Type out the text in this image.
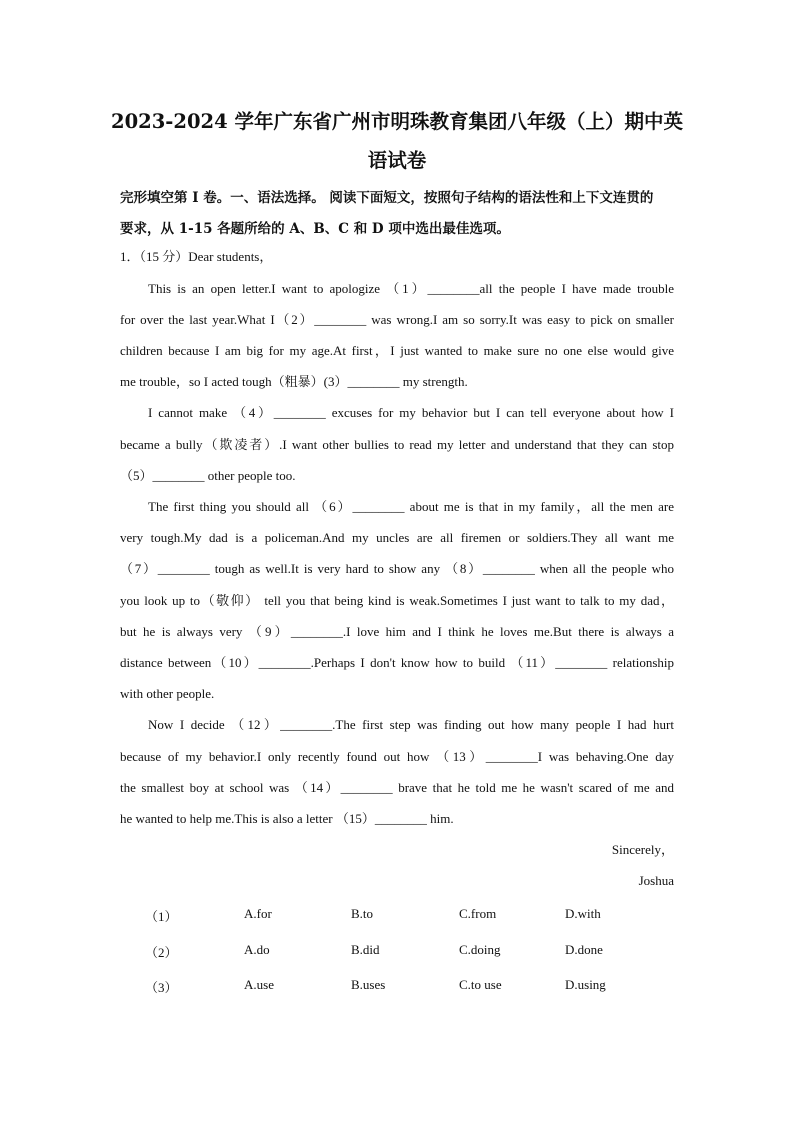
2023-2024 学年广东省广州市明珠教育集团八年级（上）期中英
语试卷
完形填空第 I 卷。一、语法选择。 阅读下面短文，按照句子结构的语法性和上下文连贯的
要求，从 1-15 各题所给的 A、B、C 和 D 项中选出最佳选项。
1．（15 分）Dear students，
This is an open letter.I want to apologize （1）________all the people I have made trouble
for over the last year.What I（2）________ was wrong.I am so sorry.It was easy to pick on smaller
children because I am big for my age.At first，I just wanted to make sure no one else would give
me trouble，so I acted tough（粗暴）(3）________ my strength.
I cannot make （4）________ excuses for my behavior but I can tell everyone about how I
became a bully（欺凌者）.I want other bullies to read my letter and understand that they can stop
（5）________ other people too.
The first thing you should all （6）________ about me is that in my family，all the men are
very tough.My dad is a policeman.And my uncles are all firemen or soldiers.They all want me
（7）________ tough as well.It is very hard to show any （8）________ when all the people who
you look up to（敬仰） tell you that being kind is weak.Sometimes I just want to talk to my dad，
but he is always very （9）________.I love him and I think he loves me.But there is always a
distance between（10）________.Perhaps I don't know how to build （11）________ relationship
with other people.
Now I decide （12）________.The first step was finding out how many people I had hurt
because of my behavior.I only recently found out how （13）________I was behaving.One day
the smallest boy at school was （14）________ brave that he told me he wasn't scared of me and
he wanted to help me.This is also a letter （15）________ him.
Sincerely，
Joshua
（1）	A.for	B.to	C.from	D.with
（2）	A.do	B.did	C.doing	D.done
（3）	A.use	B.uses	C.to use	D.using
